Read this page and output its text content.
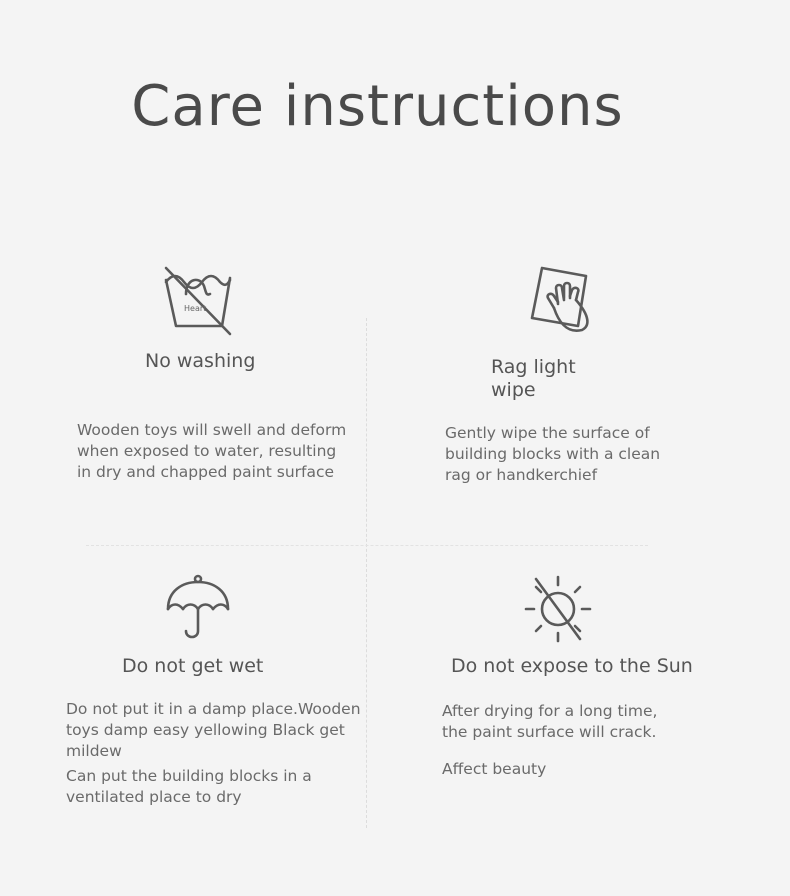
Care instructions
Heart
No washing
Wooden toys will swell and deform when exposed to water, resulting in dry and chapped paint surface
Rag light wipe
Gently wipe the surface of building blocks with a clean rag or handkerchief
Do not get wet

Do not put it in a damp place.Wooden toys damp easy yellowing Black get mildew

Can put the building blocks in a ventilated place to dry

Do not expose to the Sun

After drying for a long time, the paint surface will crack.

Affect beauty
